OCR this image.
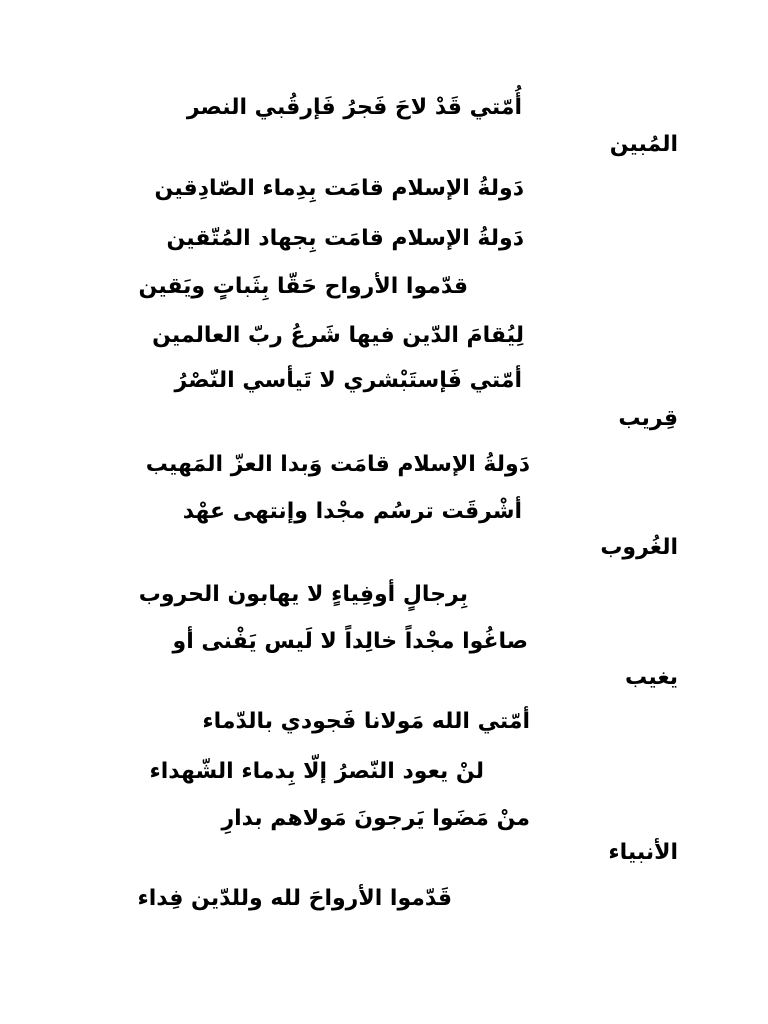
أُمّتي قَدْ لاحَ فَجرُ فَإرقُبي النصر
المُبين
دَولةُ الإسلام قامَت بِدِماء الصّادِقين
دَولةُ الإسلام قامَت بِجهاد المُتّقين
قدّموا الأرواح حَقّا بِثَباتٍ ويَقين
لِيُقامَ الدّين فيها شَرعُ ربّ العالمين
أمّتي فَإستَبْشري لا تَيأسي النّصْرُ
قِريب
دَولةُ الإسلام قامَت وَبدا العزّ المَهيب
أشْرقَت ترسُم مجْدا وإنتهى عهْد
الغُروب
بِرجالٍ أوفِياءٍ لا يهابون الحروب
صاغُوا مجْداً خالِداً لا لَيس يَفْنى أو
يغيب
أمّتي الله مَولانا فَجودي بالدّماء
لنْ يعود النّصرُ إلّا بِدماء الشّهداء
منْ مَضَوا يَرجونَ مَولاهم بدارِ
الأنبياء
قَدّموا الأرواحَ لله وللدّين فِداء
